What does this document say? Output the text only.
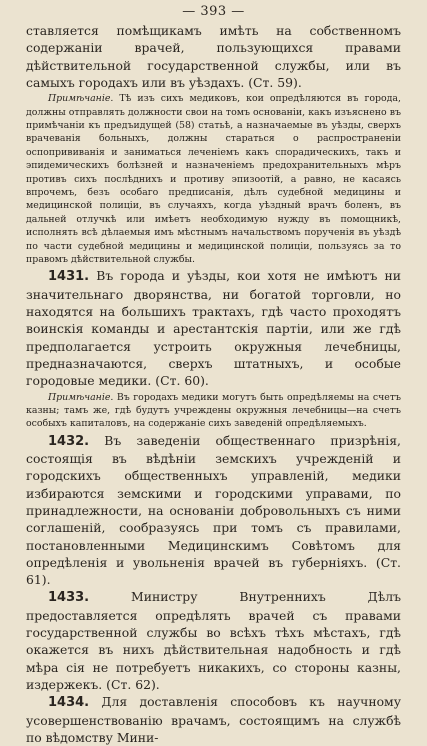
— 393 —

ставляется помѣщикамъ имѣть на собственномъ содержанiи врачей, пользующихся правами дѣйствительной государственной службы, или въ самыхъ городахъ или въ уѣздахъ. (Ст. 59).

Примѣчанiе. Тѣ изъ сихъ медиковъ, кои опредѣляются въ города, должны отправлять должности свои на томъ основанiи, какъ изъяснено въ примѣчанiи къ предъидущей (58) статьѣ, а назначаемые въ уѣзды, сверхъ врачеванiя больныхъ, должны стараться о распространенiи оспопрививанiя и заниматься леченiемъ какъ спорадическихъ, такъ и эпидемическихъ болѣзней и назначенiемъ предохранительныхъ мѣръ противъ сихъ послѣднихъ и противу эпизоотiй, а равно, не касаясь впрочемъ, безъ особаго предписанiя, дѣлъ судебной медицины и медицинской полицiи, въ случаяхъ, когда уѣздный врачъ боленъ, въ дальней отлучкѣ или имѣетъ необходимую нужду въ помощникѣ, исполнять всѣ дѣлаемыя имъ мѣстнымъ начальствомъ порученiя въ уѣздѣ по части судебной медицины и медицинской полицiи, пользуясь за то правомъ дѣйствительной службы.

1431. Въ города и уѣзды, кои хотя не имѣютъ ни значительнаго дворянства, ни богатой торговли, но находятся на большихъ трактахъ, гдѣ часто проходятъ воинскiя команды и арестантскiя партiи, или же гдѣ предполагается устроить окружныя лечебницы, предназначаются, сверхъ штатныхъ, и особые городовые медики. (Ст. 60).

Примѣчанiе. Въ городахъ медики могутъ быть опредѣляемы на счетъ казны; тамъ же, гдѣ будутъ учреждены окружныя лечебницы—на счетъ особыхъ капиталовъ, на содержанiе сихъ заведенiй опредѣляемыхъ.

1432. Въ заведенiи общественнаго призрѣнiя, состоящiя въ вѣдѣнiи земскихъ учрежденiй и городскихъ общественныхъ управленiй, медики избираются земскими и городскими управами, по принадлежности, на основанiи добровольныхъ съ ними соглашенiй, сообразуясь при томъ съ правилами, постановленными Медицинскимъ Совѣтомъ для опредѣленiя и увольненiя врачей въ губернiяхъ. (Ст. 61).

1433.	Министру Внутреннихъ Дѣлъ предоставляется опредѣлять врачей съ правами государственной службы во всѣхъ тѣхъ мѣстахъ, гдѣ окажется въ нихъ дѣйствительная надобность и гдѣ мѣра сiя не потребуетъ никакихъ, со стороны казны, издержекъ. (Ст. 62).

1434. Для доставленiя способовъ къ научному усовершенствованiю врачамъ, состоящимъ на службѣ по вѣдомству Мини-
